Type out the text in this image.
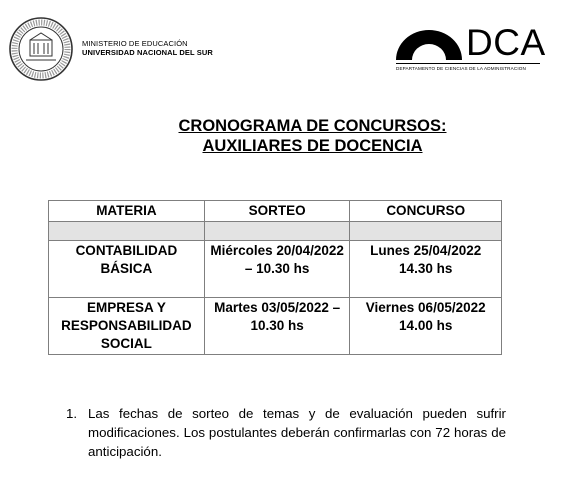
MINISTERIO DE EDUCACIÓN
UNIVERSIDAD NACIONAL DEL SUR	DCA
DEPARTAMENTO DE CIENCIAS DE LA ADMINISTRACION
CRONOGRAMA DE CONCURSOS:
AUXILIARES DE DOCENCIA
MATERIA	SORTEO	CONCURSO

CONTABILIDAD BÁSICA	Miércoles 20/04/2022 – 10.30 hs	Lunes 25/04/2022 14.30 hs
EMPRESA Y RESPONSABILIDAD SOCIAL	Martes 03/05/2022 – 10.30 hs	Viernes 06/05/2022 14.00 hs
1. Las fechas de sorteo de temas y de evaluación pueden sufrir modificaciones. Los postulantes deberán confirmarlas con 72 horas de anticipación.
